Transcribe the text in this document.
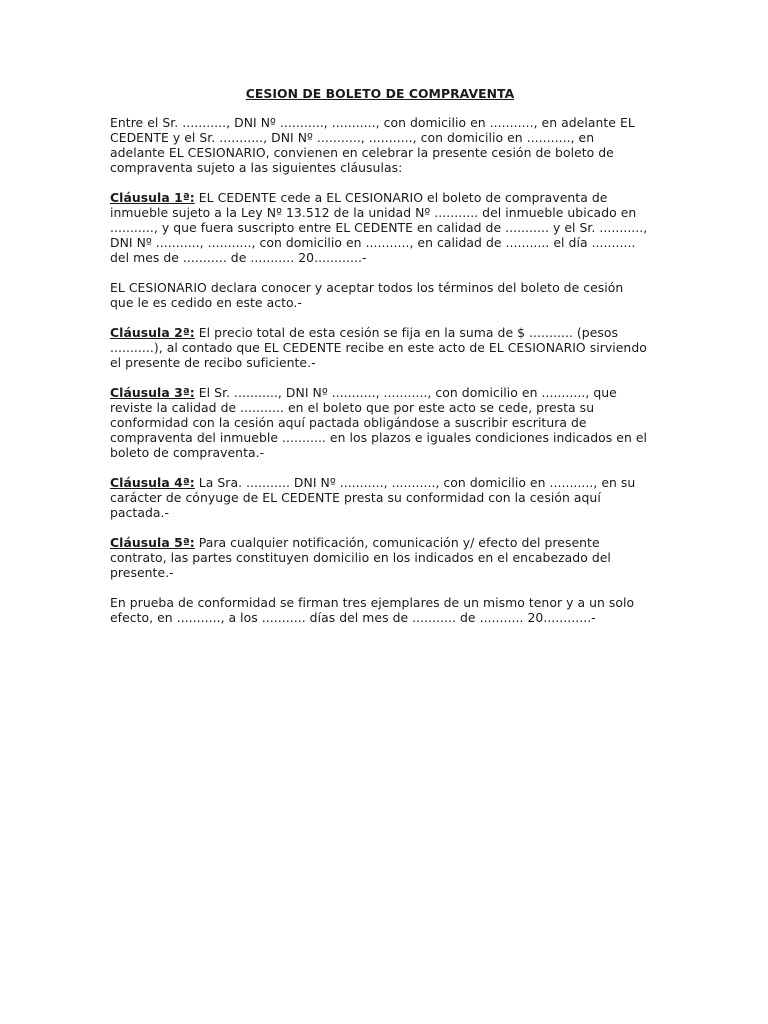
CESION DE BOLETO DE COMPRAVENTA

Entre el Sr. ..........., DNI Nº ..........., ..........., con domicilio en ..........., en adelante EL CEDENTE y el Sr. ..........., DNI Nº ..........., ..........., con domicilio en ..........., en adelante EL CESIONARIO, convienen en celebrar la presente cesión de boleto de compraventa sujeto a las siguientes cláusulas:

Cláusula 1ª: EL CEDENTE cede a EL CESIONARIO el boleto de compraventa de inmueble sujeto a la Ley Nº 13.512 de la unidad Nº ........... del inmueble ubicado en ..........., y que fuera suscripto entre EL CEDENTE en calidad de ........... y el Sr. ..........., DNI Nº ..........., ..........., con domicilio en ..........., en calidad de ........... el día ........... del mes de ........... de ........... 20............-

EL CESIONARIO declara conocer y aceptar todos los términos del boleto de cesión que le es cedido en este acto.-

Cláusula 2ª: El precio total de esta cesión se fija en la suma de $ ........... (pesos ...........), al contado que EL CEDENTE recibe en este acto de EL CESIONARIO sirviendo el presente de recibo suficiente.-

Cláusula 3ª: El Sr. ..........., DNI Nº ..........., ..........., con domicilio en ..........., que reviste la calidad de ........... en el boleto que por este acto se cede, presta su conformidad con la cesión aquí pactada obligándose a suscribir escritura de compraventa del inmueble ........... en los plazos e iguales condiciones indicados en el boleto de compraventa.-

Cláusula 4ª: La Sra. ........... DNI Nº ..........., ..........., con domicilio en ..........., en su carácter de cónyuge de EL CEDENTE presta su conformidad con la cesión aquí pactada.-

Cláusula 5ª: Para cualquier notificación, comunicación y/ efecto del presente contrato, las partes constituyen domicilio en los indicados en el encabezado del presente.-

En prueba de conformidad se firman tres ejemplares de un mismo tenor y a un solo efecto, en ..........., a los ........... días del mes de ........... de ........... 20............-
